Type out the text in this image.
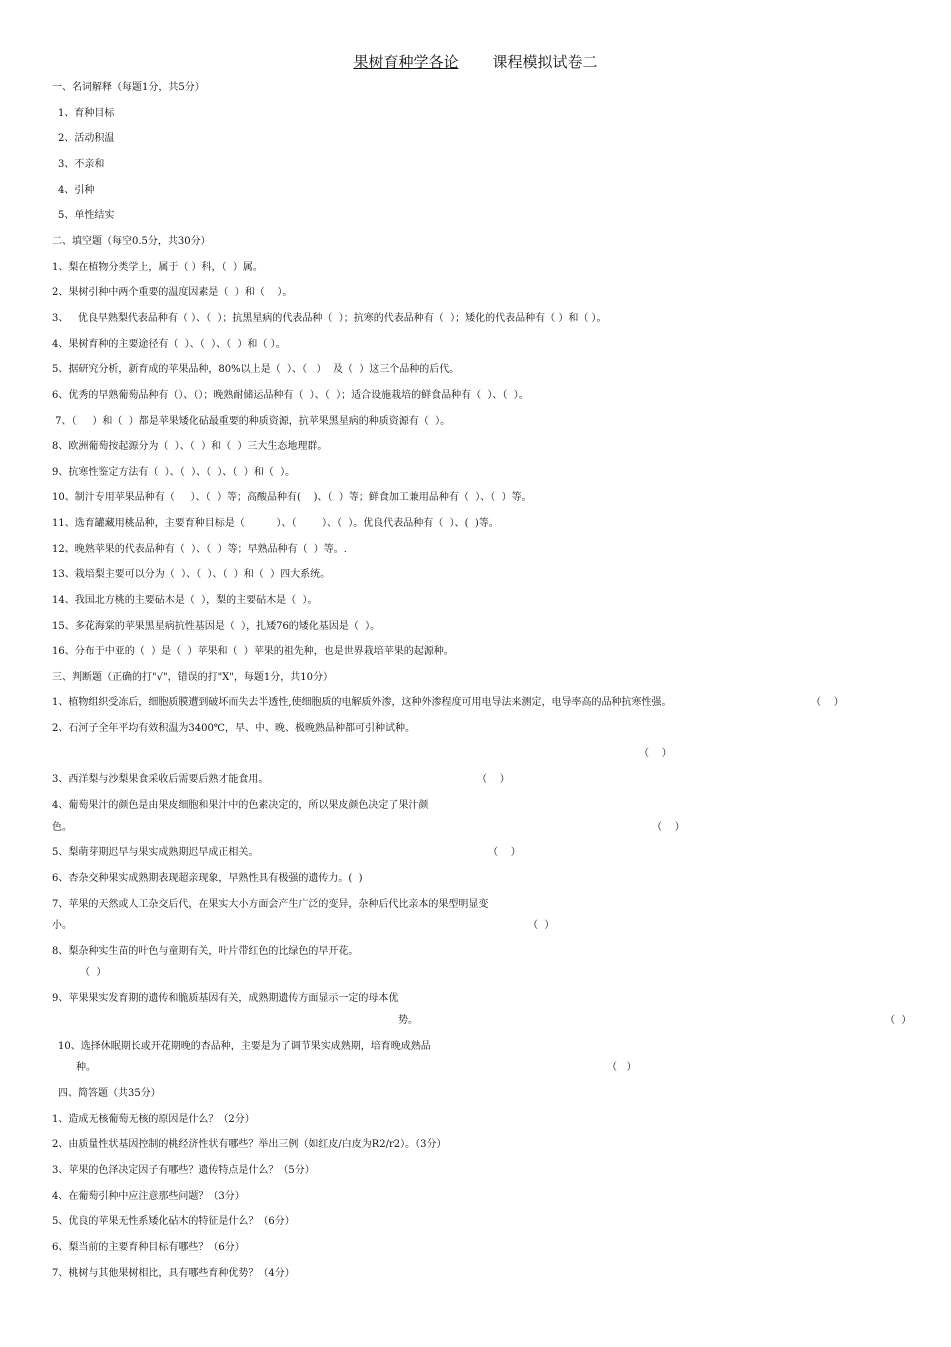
果树育种学各论 课程模拟试卷二
一、名词解释（每题1分，共5分）
1、育种目标
2、活动积温
3、不亲和
4、引种
5、单性结实
二、填空题（每空0.5分，共30分）
1、梨在植物分类学上，属于（ ）科，（  ）属。
2、果树引种中两个重要的温度因素是（  ）和（    ）。
3、   优良早熟梨代表品种有（ ）、（  ）；抗黑星病的代表品种（  ）；抗寒的代表品种有（  ）；矮化的代表品种有（ ）和（ ）。
4、果树育种的主要途径有（  ）、（  ）、（  ）和（ ）。
5、据研究分析，新育成的苹果品种，80%以上是（  ）、（   ）  及（  ）这三个品种的后代。
6、优秀的早熟葡萄品种有（）、（）；晚熟耐储运品种有（  ）、（  ）；适合设施栽培的鲜食品种有（  ）、（  ）。
7、（     ）和（  ）都是苹果矮化砧最重要的种质资源，抗苹果黑星病的种质资源有（  ）。
8、欧洲葡萄按起源分为（  ）、（  ）和（  ）三大生态地理群。
9、抗寒性鉴定方法有（  ）、（  ）、（  ）、（  ）和（  ）。
10、制汁专用苹果品种有（     ）、（  ）等；高酸品种有(    )、（  ）等；鲜食加工兼用品种有（  ）、（  ）等。
11、选育罐藏用桃品种，主要育种目标是（          ）、（        ）、（  ）。优良代表品种有（  ）、(  )等。
12、晚熟苹果的代表品种有（  ）、（  ）等；早熟品种有（  ）等。.
13、栽培梨主要可以分为（  ）、（  ）、（  ）和（  ）四大系统。
14、我国北方桃的主要砧木是（  ），梨的主要砧木是（  ）。
15、多花海棠的苹果黑星病抗性基因是（  ），扎矮76的矮化基因是（  ）。
16、分布于中亚的（  ）是（  ）苹果和（  ）苹果的祖先种，也是世界栽培苹果的起源种。
三、判断题（正确的打"√"，错误的打"X"，每题1分，共10分）
1、植物组织受冻后，细胞质膜遭到破坏而失去半透性,使细胞质的电解质外渗，这种外渗程度可用电导法来测定，电导率高的品种抗寒性强。	（    ）
2、石河子全年平均有效积温为3400℃，早、中、晚、极晚熟品种都可引种试种。
（    ）
3、西洋梨与沙梨果食采收后需要后熟才能食用。	（    ）
4、葡萄果汁的颜色是由果皮细胞和果汁中的色素决定的，所以果皮颜色决定了果汁颜
色。	（    ）
5、梨萌芽期迟早与果实成熟期迟早成正相关。	（    ）
6、杏杂交种果实成熟期表现超亲现象，早熟性具有极强的遗传力。(  )
7、苹果的天然或人工杂交后代，在果实大小方面会产生广泛的变异，杂种后代比亲本的果型明显变
小。	（  ）
8、梨杂种实生苗的叶色与童期有关，叶片带红色的比绿色的早开花。
（  ）
9、苹果果实发育期的遗传和脆质基因有关，成熟期遗传方面显示一定的母本优
势。	（  ）
10、选择休眠期长或开花期晚的杏品种，主要是为了调节果实成熟期，培育晚成熟品
种。	（   ）
四、简答题（共35分）
1、造成无核葡萄无核的原因是什么？（2分）
2、由质量性状基因控制的桃经济性状有哪些？举出三例（如红皮/白皮为R2/r2）。（3分）
3、苹果的色泽决定因子有哪些？遗传特点是什么？（5分）
4、在葡萄引种中应注意那些问题？（3分）
5、优良的苹果无性系矮化砧木的特征是什么？（6分）
6、梨当前的主要育种目标有哪些？（6分）
7、桃树与其他果树相比，具有哪些育种优势？（4分）
